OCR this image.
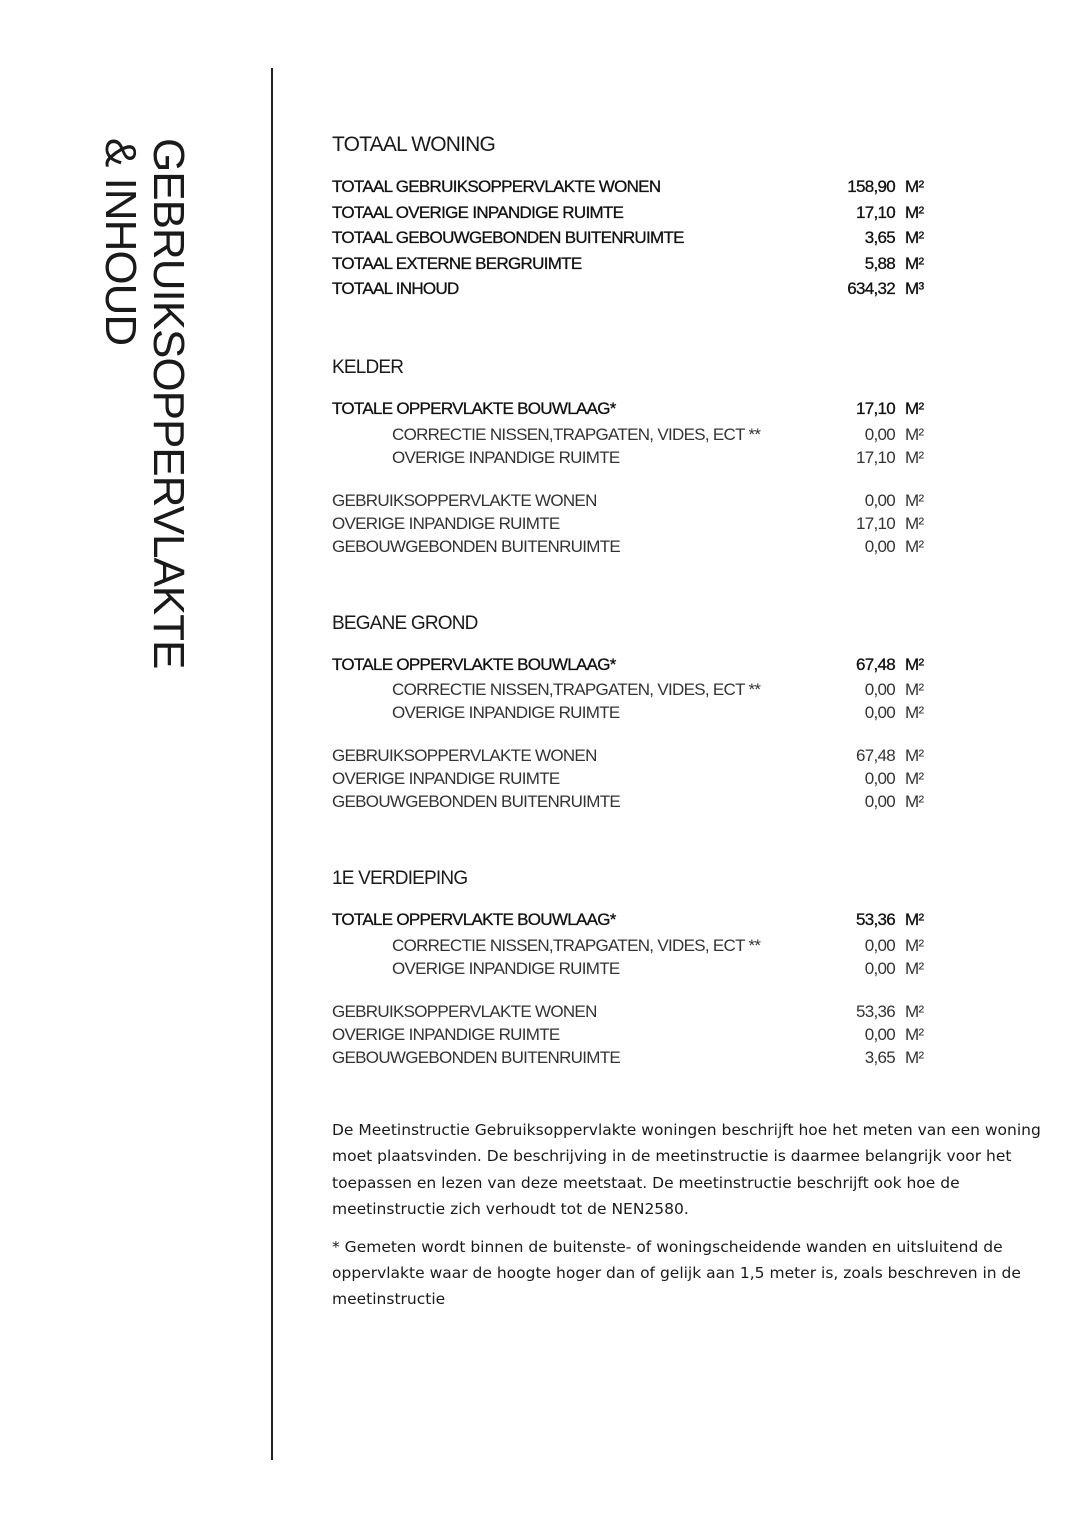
GEBRUIKSOPPERVLAKTE
& INHOUD	TOTAAL WONING
TOTAAL GEBRUIKSOPPERVLAKTE WONEN	158,90 M²
TOTAAL OVERIGE INPANDIGE RUIMTE	17,10 M²
TOTAAL GEBOUWGEBONDEN BUITENRUIMTE	3,65 M²
TOTAAL EXTERNE BERGRUIMTE	5,88 M²
TOTAAL INHOUD	634,32 M³
KELDER
TOTALE OPPERVLAKTE BOUWLAAG*	17,10 M²
CORRECTIE NISSEN,TRAPGATEN, VIDES, ECT **	0,00 M²
OVERIGE INPANDIGE RUIMTE	17,10 M²
GEBRUIKSOPPERVLAKTE WONEN	0,00 M²
OVERIGE INPANDIGE RUIMTE	17,10 M²
GEBOUWGEBONDEN BUITENRUIMTE	0,00 M²
BEGANE GROND
TOTALE OPPERVLAKTE BOUWLAAG*	67,48 M²
CORRECTIE NISSEN,TRAPGATEN, VIDES, ECT **	0,00 M²
OVERIGE INPANDIGE RUIMTE	0,00 M²
GEBRUIKSOPPERVLAKTE WONEN	67,48 M²
OVERIGE INPANDIGE RUIMTE	0,00 M²
GEBOUWGEBONDEN BUITENRUIMTE	0,00 M²
1E VERDIEPING
TOTALE OPPERVLAKTE BOUWLAAG*	53,36 M²
CORRECTIE NISSEN,TRAPGATEN, VIDES, ECT **	0,00 M²
OVERIGE INPANDIGE RUIMTE	0,00 M²
GEBRUIKSOPPERVLAKTE WONEN	53,36 M²
OVERIGE INPANDIGE RUIMTE	0,00 M²
GEBOUWGEBONDEN BUITENRUIMTE	3,65 M²

De Meetinstructie Gebruiksoppervlakte woningen beschrijft hoe het meten van een woning moet plaatsvinden. De beschrijving in de meetinstructie is daarmee belangrijk voor het toepassen en lezen van deze meetstaat. De meetinstructie beschrijft ook hoe de meetinstructie zich verhoudt tot de NEN2580.

* Gemeten wordt binnen de buitenste- of woningscheidende wanden en uitsluitend de oppervlakte waar de hoogte hoger dan of gelijk aan 1,5 meter is, zoals beschreven in de meetinstructie
